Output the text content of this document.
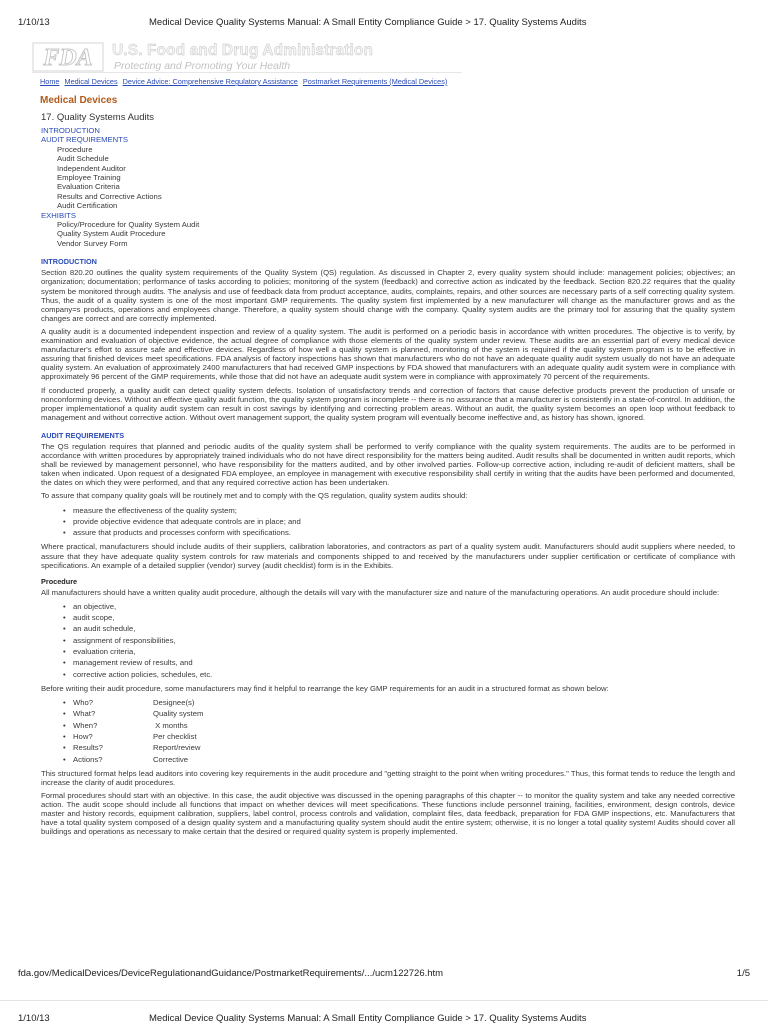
1/10/13	Medical Device Quality Systems Manual: A Small Entity Compliance Guide > 17. Quality Systems Audits
FDA U.S. Food and Drug Administration
Protecting and Promoting Your Health
Home Medical Devices Device Advice: Comprehensive Regulatory Assistance Postmarket Requirements (Medical Devices)
Medical Devices
17. Quality Systems Audits
INTRODUCTION
AUDIT REQUIREMENTS
Procedure
Audit Schedule
Independent Auditor
Employee Training
Evaluation Criteria
Results and Corrective Actions
Audit Certification
EXHIBITS
Policy/Procedure for Quality System Audit
Quality System Audit Procedure
Vendor Survey Form
INTRODUCTION

Section 820.20 outlines the quality system requirements of the Quality System (QS) regulation. As discussed in Chapter 2, every quality system should include: management policies; objectives; an organization; documentation; performance of tasks according to policies; monitoring of the system (feedback) and corrective action as indicated by the feedback. Section 820.22 requires that the quality system be monitored through audits. The analysis and use of feedback data from product acceptance, audits, complaints, repairs, and other sources are necessary parts of a self correcting quality system. Thus, the audit of a quality system is one of the most important GMP requirements. The quality system first implemented by a new manufacturer will change as the manufacturer grows and as the company=s products, operations and employees change. Therefore, a quality system should change with the company. Quality system audits are the primary tool for assuring that the quality system changes are correct and are correctly implemented.

A quality audit is a documented independent inspection and review of a quality system. The audit is performed on a periodic basis in accordance with written procedures. The objective is to verify, by examination and evaluation of objective evidence, the actual degree of compliance with those elements of the quality system under review. These audits are an essential part of every medical device manufacturer's effort to assure safe and effective devices. Regardless of how well a quality system is planned, monitoring of the system is required if the quality system program is to be effective in assuring that finished devices meet specifications. FDA analysis of factory inspections has shown that manufacturers who do not have an adequate quality audit system usually do not have an adequate quality system. An evaluation of approximately 2400 manufacturers that had received GMP inspections by FDA showed that manufacturers with an adequate quality audit system were in compliance with approximately 96 percent of the GMP requirements, while those that did not have an adequate audit system were in compliance with approximately 70 percent of the requirements.

If conducted properly, a quality audit can detect quality system defects. Isolation of unsatisfactory trends and correction of factors that cause defective products prevent the production of unsafe or nonconforming devices. Without an effective quality audit function, the quality system program is incomplete -- there is no assurance that a manufacturer is consistently in a state-of-control. In addition, the proper implementationof a quality audit system can result in cost savings by identifying and correcting problem areas. Without an audit, the quality system becomes an open loop without feedback to management and without corrective action. Without overt management support, the quality system program will eventually become ineffective and, as history has shown, ignored.

AUDIT REQUIREMENTS

The QS regulation requires that planned and periodic audits of the quality system shall be performed to verify compliance with the quality system requirements. The audits are to be performed in accordance with written procedures by appropriately trained individuals who do not have direct responsibility for the matters being audited. Audit results shall be documented in written audit reports, which shall be reviewed by management personnel, who have responsibility for the matters audited, and by other involved parties. Follow-up corrective action, including re-audit of deficient matters, shall be taken when indicated. Upon request of a designated FDA employee, an employee in management with executive responsibility shall certify in writing that the audits have been performed and documented, the dates on which they were performed, and that any required corrective action has been undertaken.

To assure that company quality goals will be routinely met and to comply with the QS regulation, quality system audits should:

• measure the effectiveness of the quality system;
• provide objective evidence that adequate controls are in place; and
• assure that products and processes conform with specifications.

Where practical, manufacturers should include audits of their suppliers, calibration laboratories, and contractors as part of a quality system audit. Manufacturers should audit suppliers where needed, to assure that they have adequate quality system controls for raw materials and components shipped to and received by the manufacturers under supplier certification or certificate of compliance with specifications. An example of a detailed supplier (vendor) survey (audit checklist) form is in the Exhibits.

Procedure

All manufacturers should have a written quality audit procedure, although the details will vary with the manufacturer size and nature of the manufacturing operations. An audit procedure should include:

• an objective,
• audit scope,
• an audit schedule,
• assignment of responsibilities,
• evaluation criteria,
• management review of results, and
• corrective action policies, schedules, etc.

Before writing their audit procedure, some manufacturers may find it helpful to rearrange the key GMP requirements for an audit in a structured format as shown below:

• Who?	Designee(s)
• What?	Quality system
• When?	X months
• How?	Per checklist
• Results?	Report/review
• Actions?	Corrective

This structured format helps lead auditors into covering key requirements in the audit procedure and "getting straight to the point when writing procedures." Thus, this format tends to reduce the length and increase the clarity of audit procedures.

Formal procedures should start with an objective. In this case, the audit objective was discussed in the opening paragraphs of this chapter -- to monitor the quality system and take any needed corrective action. The audit scope should include all functions that impact on whether devices will meet specifications. These functions include personnel training, facilities, environment, design controls, device master and history records, equipment calibration, suppliers, label control, process controls and validation, complaint files, data feedback, preparation for FDA GMP inspections, etc. Manufacturers that have a total quality system composed of a design quality system and a manufacturing quality system should audit the entire system; otherwise, it is no longer a total quality system! Audits should cover all buildings and operations as necessary to make certain that the desired or required quality system is properly implemented.

fda.gov/MedicalDevices/DeviceRegulationandGuidance/PostmarketRequirements/.../ucm122726.htm	1/5
1/10/13	Medical Device Quality Systems Manual: A Small Entity Compliance Guide > 17. Quality Systems Audits
